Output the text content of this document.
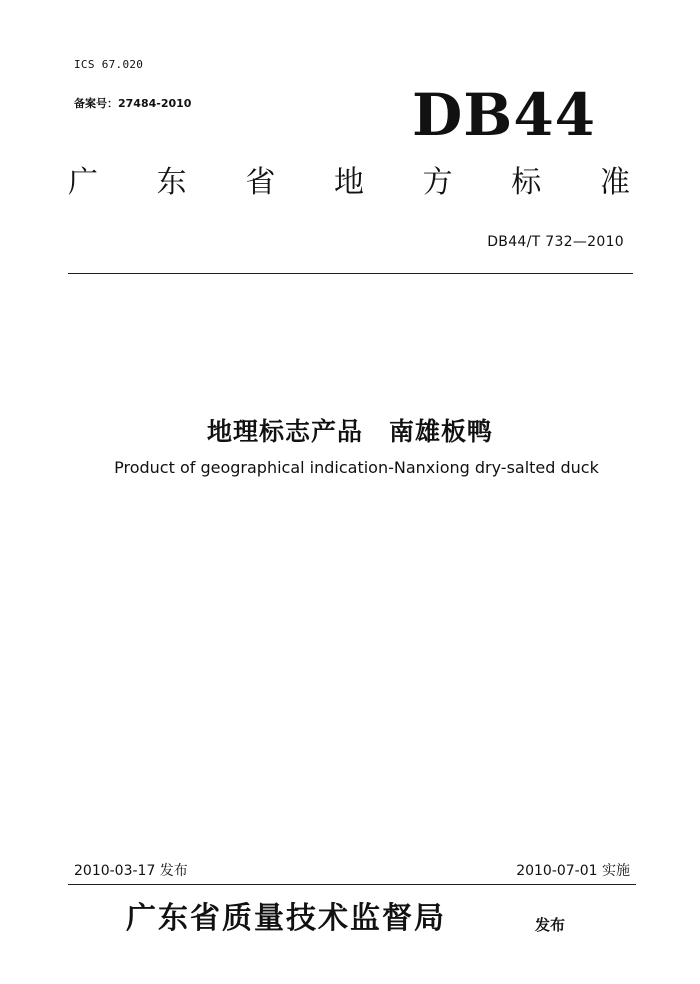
ICS 67.020
备案号：27484-2010	DB44
广 东 省 地 方 标 准
DB44/T 732—2010
地理标志产品　南雄板鸭
Product of geographical indication-Nanxiong dry-salted duck
2010-03-17 发布	2010-07-01 实施
广东省质量技术监督局	发布
